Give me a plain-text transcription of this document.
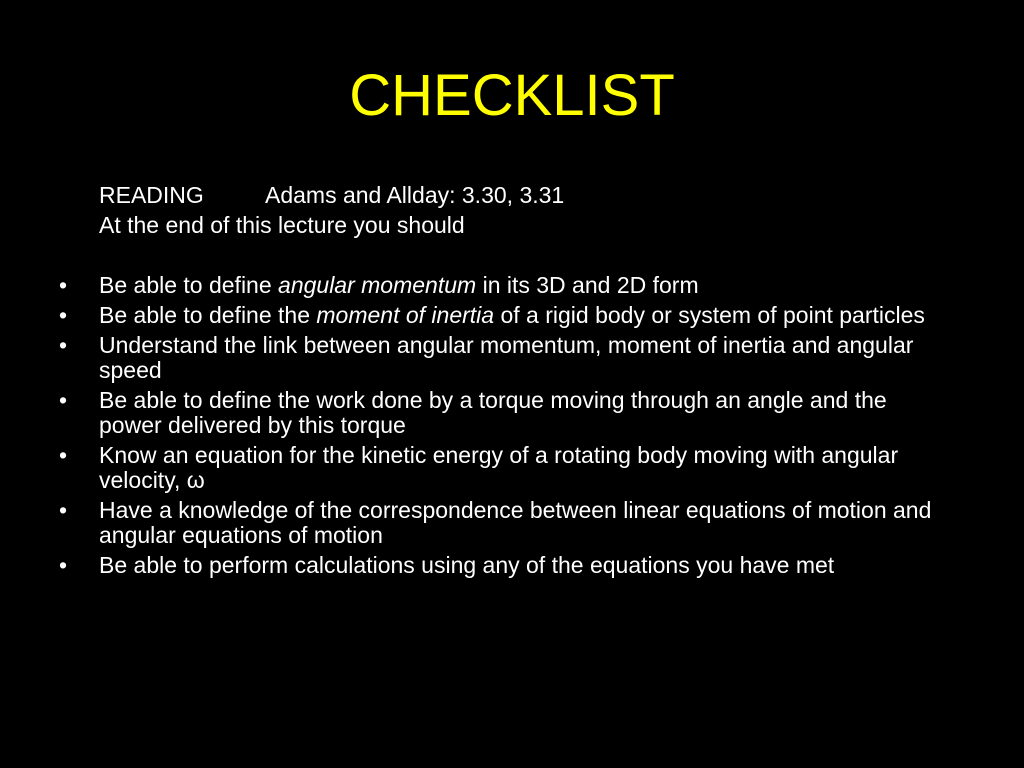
CHECKLIST
READING	Adams and Allday: 3.30, 3.31
At the end of this lecture you should
• Be able to define angular momentum in its 3D and 2D form
• Be able to define the moment of inertia of a rigid body or system of point particles
• Understand the link between angular momentum, moment of inertia and angular speed
• Be able to define the work done by a torque moving through an angle and the power delivered by this torque
• Know an equation for the kinetic energy of a rotating body moving with angular velocity, ω
• Have a knowledge of the correspondence between linear equations of motion and angular equations of motion
• Be able to perform calculations using any of the equations you have met
